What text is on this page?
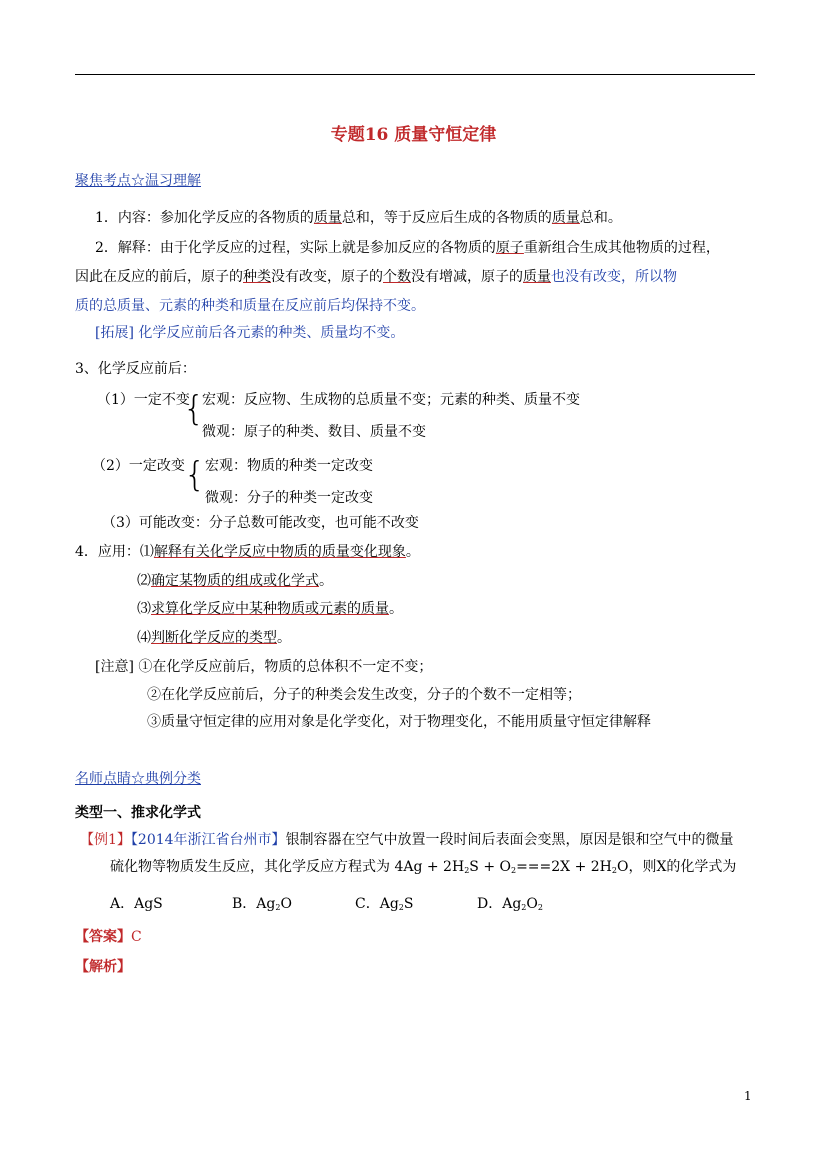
专题16 质量守恒定律
聚焦考点☆温习理解
1．内容：参加化学反应的各物质的质量总和，等于反应后生成的各物质的质量总和。
2．解释：由于化学反应的过程，实际上就是参加反应的各物质的原子重新组合生成其他物质的过程，
因此在反应的前后，原子的种类没有改变，原子的个数没有增减，原子的质量也没有改变，所以物
质的总质量、元素的种类和质量在反应前后均保持不变。
[拓展] 化学反应前后各元素的种类、质量均不变。
3、化学反应前后：
（1）一定不变
{
宏观：反应物、生成物的总质量不变；元素的种类、质量不变
微观：原子的种类、数目、质量不变
（2）一定改变 { 宏观：物质的种类一定改变
微观：分子的种类一定改变
（3）可能改变：分子总数可能改变，也可能不改变
4．应用：⑴解释有关化学反应中物质的质量变化现象。
⑵确定某物质的组成或化学式。
⑶求算化学反应中某种物质或元素的质量。
⑷判断化学反应的类型。
[注意] ①在化学反应前后，物质的总体积不一定不变；
②在化学反应前后，分子的种类会发生改变，分子的个数不一定相等；
③质量守恒定律的应用对象是化学变化，对于物理变化，不能用质量守恒定律解释
名师点睛☆典例分类
类型一、推求化学式
【例1】【2014年浙江省台州市】银制容器在空气中放置一段时间后表面会变黑，原因是银和空气中的微量
硫化物等物质发生反应，其化学反应方程式为 $4Ag + 2H_2S + O_2===2X + 2H_2O$，则X的化学式为
A．AgS	B．$Ag_2O$	C．$Ag_2S$	D．$Ag_2O_2$
【答案】C
【解析】
1
